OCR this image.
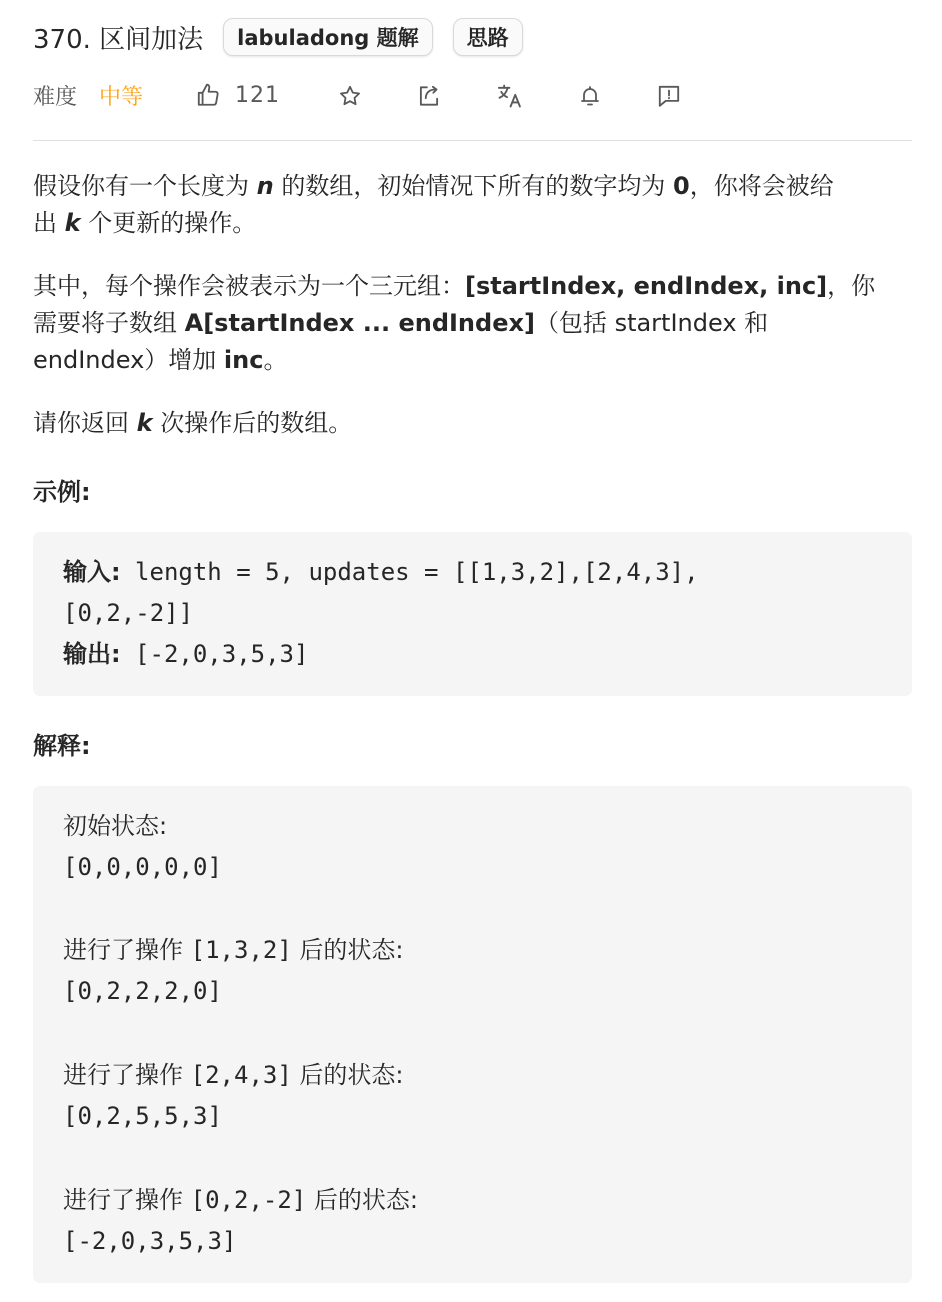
370. 区间加法	labuladong 题解	思路
难度 中等	121
假设你有一个长度为 n 的数组，初始情况下所有的数字均为 0，你将会被给
出 k 个更新的操作。
其中，每个操作会被表示为一个三元组：[startIndex, endIndex, inc]，你
需要将子数组 A[startIndex ... endIndex]（包括 startIndex 和
endIndex）增加 inc。
请你返回 k 次操作后的数组。
示例:
输入: length = 5, updates = [[1,3,2],[2,4,3],
[0,2,-2]]
输出: [-2,0,3,5,3]
解释:
初始状态:
[0,0,0,0,0]
进行了操作 [1,3,2] 后的状态:
[0,2,2,2,0]
进行了操作 [2,4,3] 后的状态:
[0,2,5,5,3]
进行了操作 [0,2,-2] 后的状态:
[-2,0,3,5,3]
